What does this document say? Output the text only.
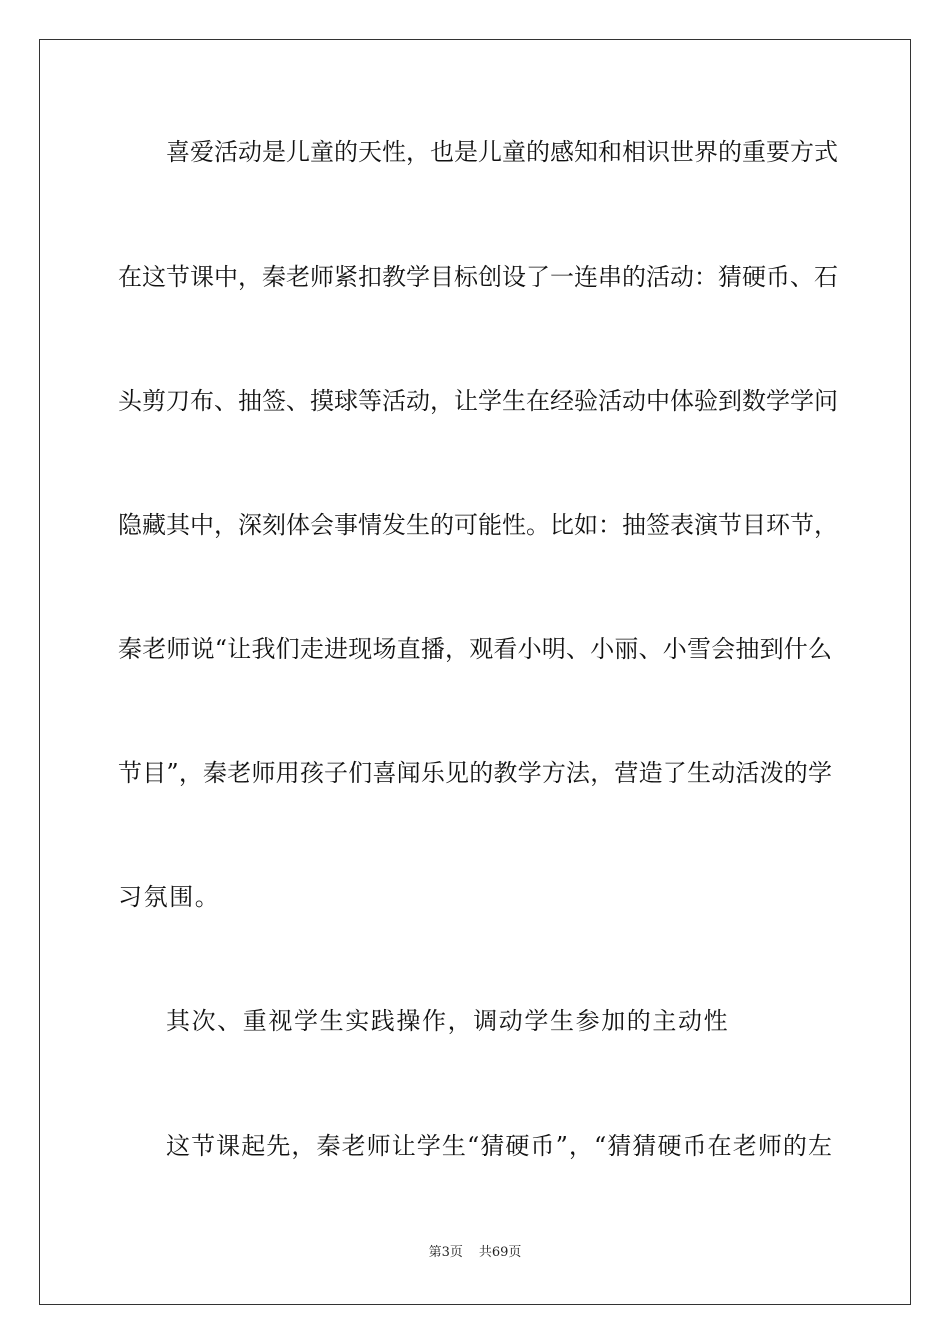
喜爱活动是儿童的天性，也是儿童的感知和相识世界的重要方式
在这节课中，秦老师紧扣教学目标创设了一连串的活动：猜硬币、石
头剪刀布、抽签、摸球等活动，让学生在经验活动中体验到数学学问
隐藏其中，深刻体会事情发生的可能性。比如：抽签表演节目环节，
秦老师说“让我们走进现场直播，观看小明、小丽、小雪会抽到什么
节目”，秦老师用孩子们喜闻乐见的教学方法，营造了生动活泼的学
习氛围。
其次、重视学生实践操作，调动学生参加的主动性
这节课起先，秦老师让学生“猜硬币”，“猜猜硬币在老师的左
第3页 共69页
